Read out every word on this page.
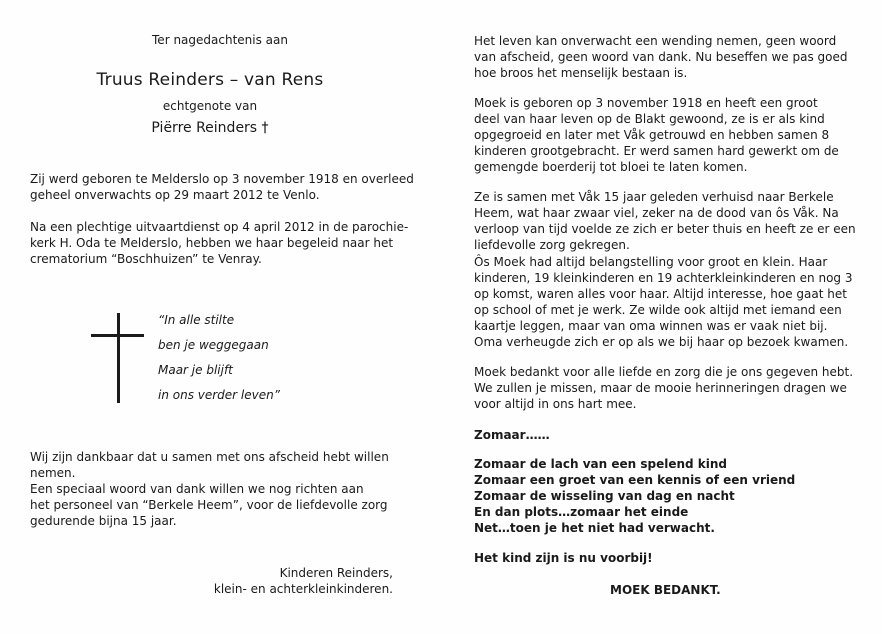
Ter nagedachtenis aan
Truus Reinders – van Rens
echtgenote van
Piërre Reinders †
Zij werd geboren te Melderslo op 3 november 1918 en overleed
geheel onverwachts op 29 maart 2012 te Venlo.
Na een plechtige uitvaartdienst op 4 april 2012 in de parochie-
kerk H. Oda te Melderslo, hebben we haar begeleid naar het
crematorium “Boschhuizen” te Venray.
“In alle stilte
ben je weggegaan
Maar je blijft
in ons verder leven”
Wij zijn dankbaar dat u samen met ons afscheid hebt willen
nemen.
Een speciaal woord van dank willen we nog richten aan
het personeel van “Berkele Heem”, voor de liefdevolle zorg
gedurende bijna 15 jaar.
Kinderen Reinders,
klein- en achterkleinkinderen.
Het leven kan onverwacht een wending nemen, geen woord
van afscheid, geen woord van dank. Nu beseffen we pas goed
hoe broos het menselijk bestaan is.
Moek is geboren op 3 november 1918 en heeft een groot
deel van haar leven op de Blakt gewoond, ze is er als kind
opgegroeid en later met Våk getrouwd en hebben samen 8
kinderen grootgebracht. Er werd samen hard gewerkt om de
gemengde boerderij tot bloei te laten komen.
Ze is samen met Våk 15 jaar geleden verhuisd naar Berkele
Heem, wat haar zwaar viel, zeker na de dood van ôs Våk. Na
verloop van tijd voelde ze zich er beter thuis en heeft ze er een
liefdevolle zorg gekregen.
Ôs Moek had altijd belangstelling voor groot en klein. Haar
kinderen, 19 kleinkinderen en 19 achterkleinkinderen en nog 3
op komst, waren alles voor haar. Altijd interesse, hoe gaat het
op school of met je werk. Ze wilde ook altijd met iemand een
kaartje leggen, maar van oma winnen was er vaak niet bij.
Oma verheugde zich er op als we bij haar op bezoek kwamen.
Moek bedankt voor alle liefde en zorg die je ons gegeven hebt.
We zullen je missen, maar de mooie herinneringen dragen we
voor altijd in ons hart mee.
Zomaar……
Zomaar de lach van een spelend kind
Zomaar een groet van een kennis of een vriend
Zomaar de wisseling van dag en nacht
En dan plots…zomaar het einde
Net…toen je het niet had verwacht.
Het kind zijn is nu voorbij!
MOEK BEDANKT.
